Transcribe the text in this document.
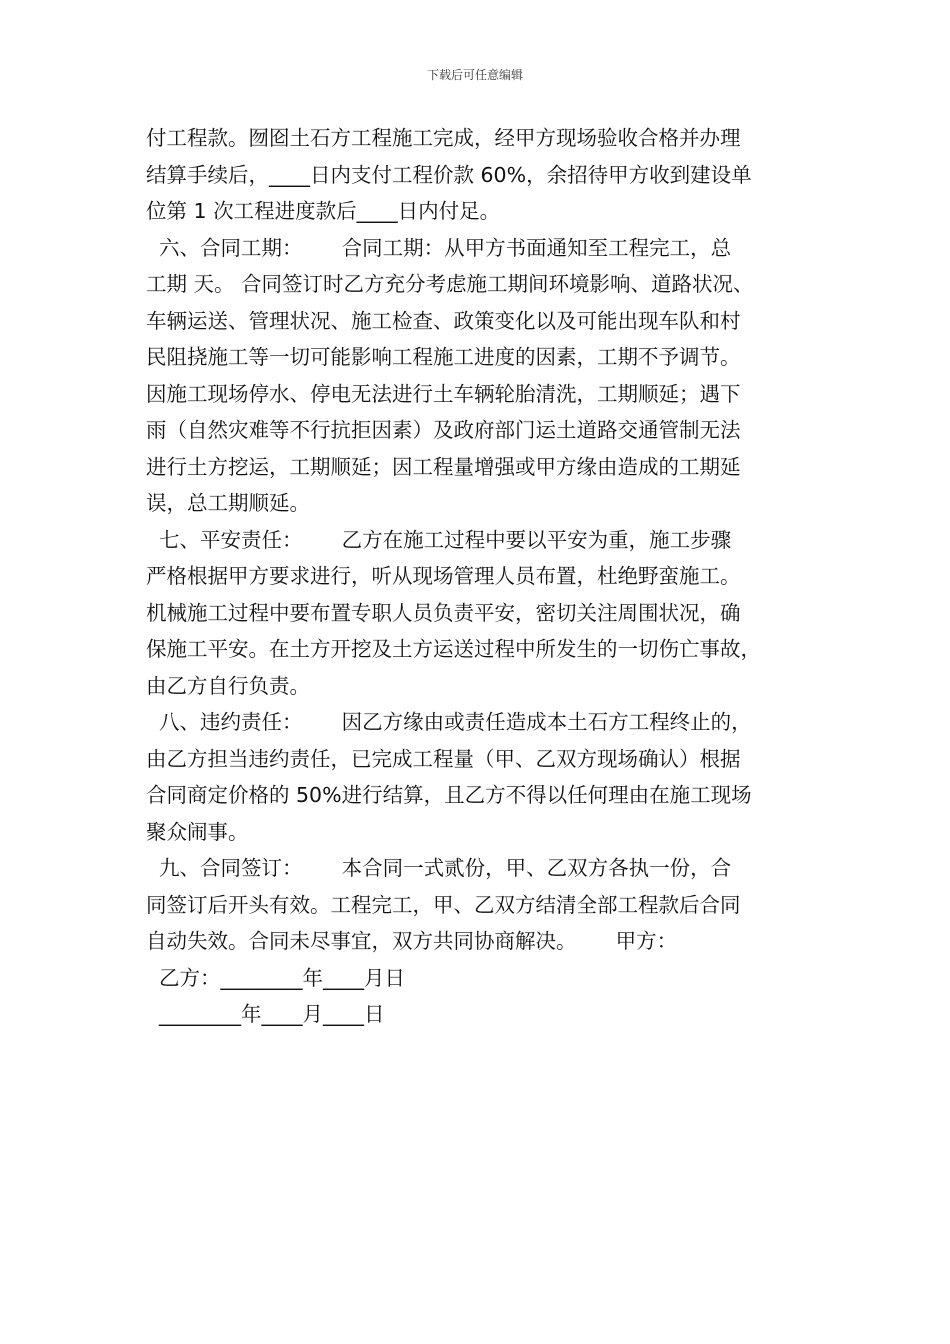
下载后可任意编辑
付工程款。囫囵土石方工程施工完成，经甲方现场验收合格并办理
结算手续后，____日内支付工程价款 60%，余招待甲方收到建设单
位第 1 次工程进度款后____日内付足。
六、合同工期：      合同工期：从甲方书面通知至工程完工，总
工期 天。 合同签订时乙方充分考虑施工期间环境影响、道路状况、
车辆运送、管理状况、施工检查、政策变化以及可能出现车队和村
民阻挠施工等一切可能影响工程施工进度的因素，工期不予调节。
因施工现场停水、停电无法进行土车辆轮胎清洗，工期顺延；遇下
雨（自然灾难等不行抗拒因素）及政府部门运土道路交通管制无法
进行土方挖运，工期顺延；因工程量增强或甲方缘由造成的工期延
误，总工期顺延。
七、平安责任：      乙方在施工过程中要以平安为重，施工步骤
严格根据甲方要求进行，听从现场管理人员布置，杜绝野蛮施工。
机械施工过程中要布置专职人员负责平安，密切关注周围状况，确
保施工平安。在土方开挖及土方运送过程中所发生的一切伤亡事故，
由乙方自行负责。
八、违约责任：      因乙方缘由或责任造成本土石方工程终止的，
由乙方担当违约责任，已完成工程量（甲、乙双方现场确认）根据
合同商定价格的 50%进行结算，且乙方不得以任何理由在施工现场
聚众闹事。
九、合同签订：      本合同一式贰份，甲、乙双方各执一份，合
同签订后开头有效。工程完工，甲、乙双方结清全部工程款后合同
自动失效。合同未尽事宜，双方共同协商解决。      甲方：
乙方：________年____月日
________年____月____日
